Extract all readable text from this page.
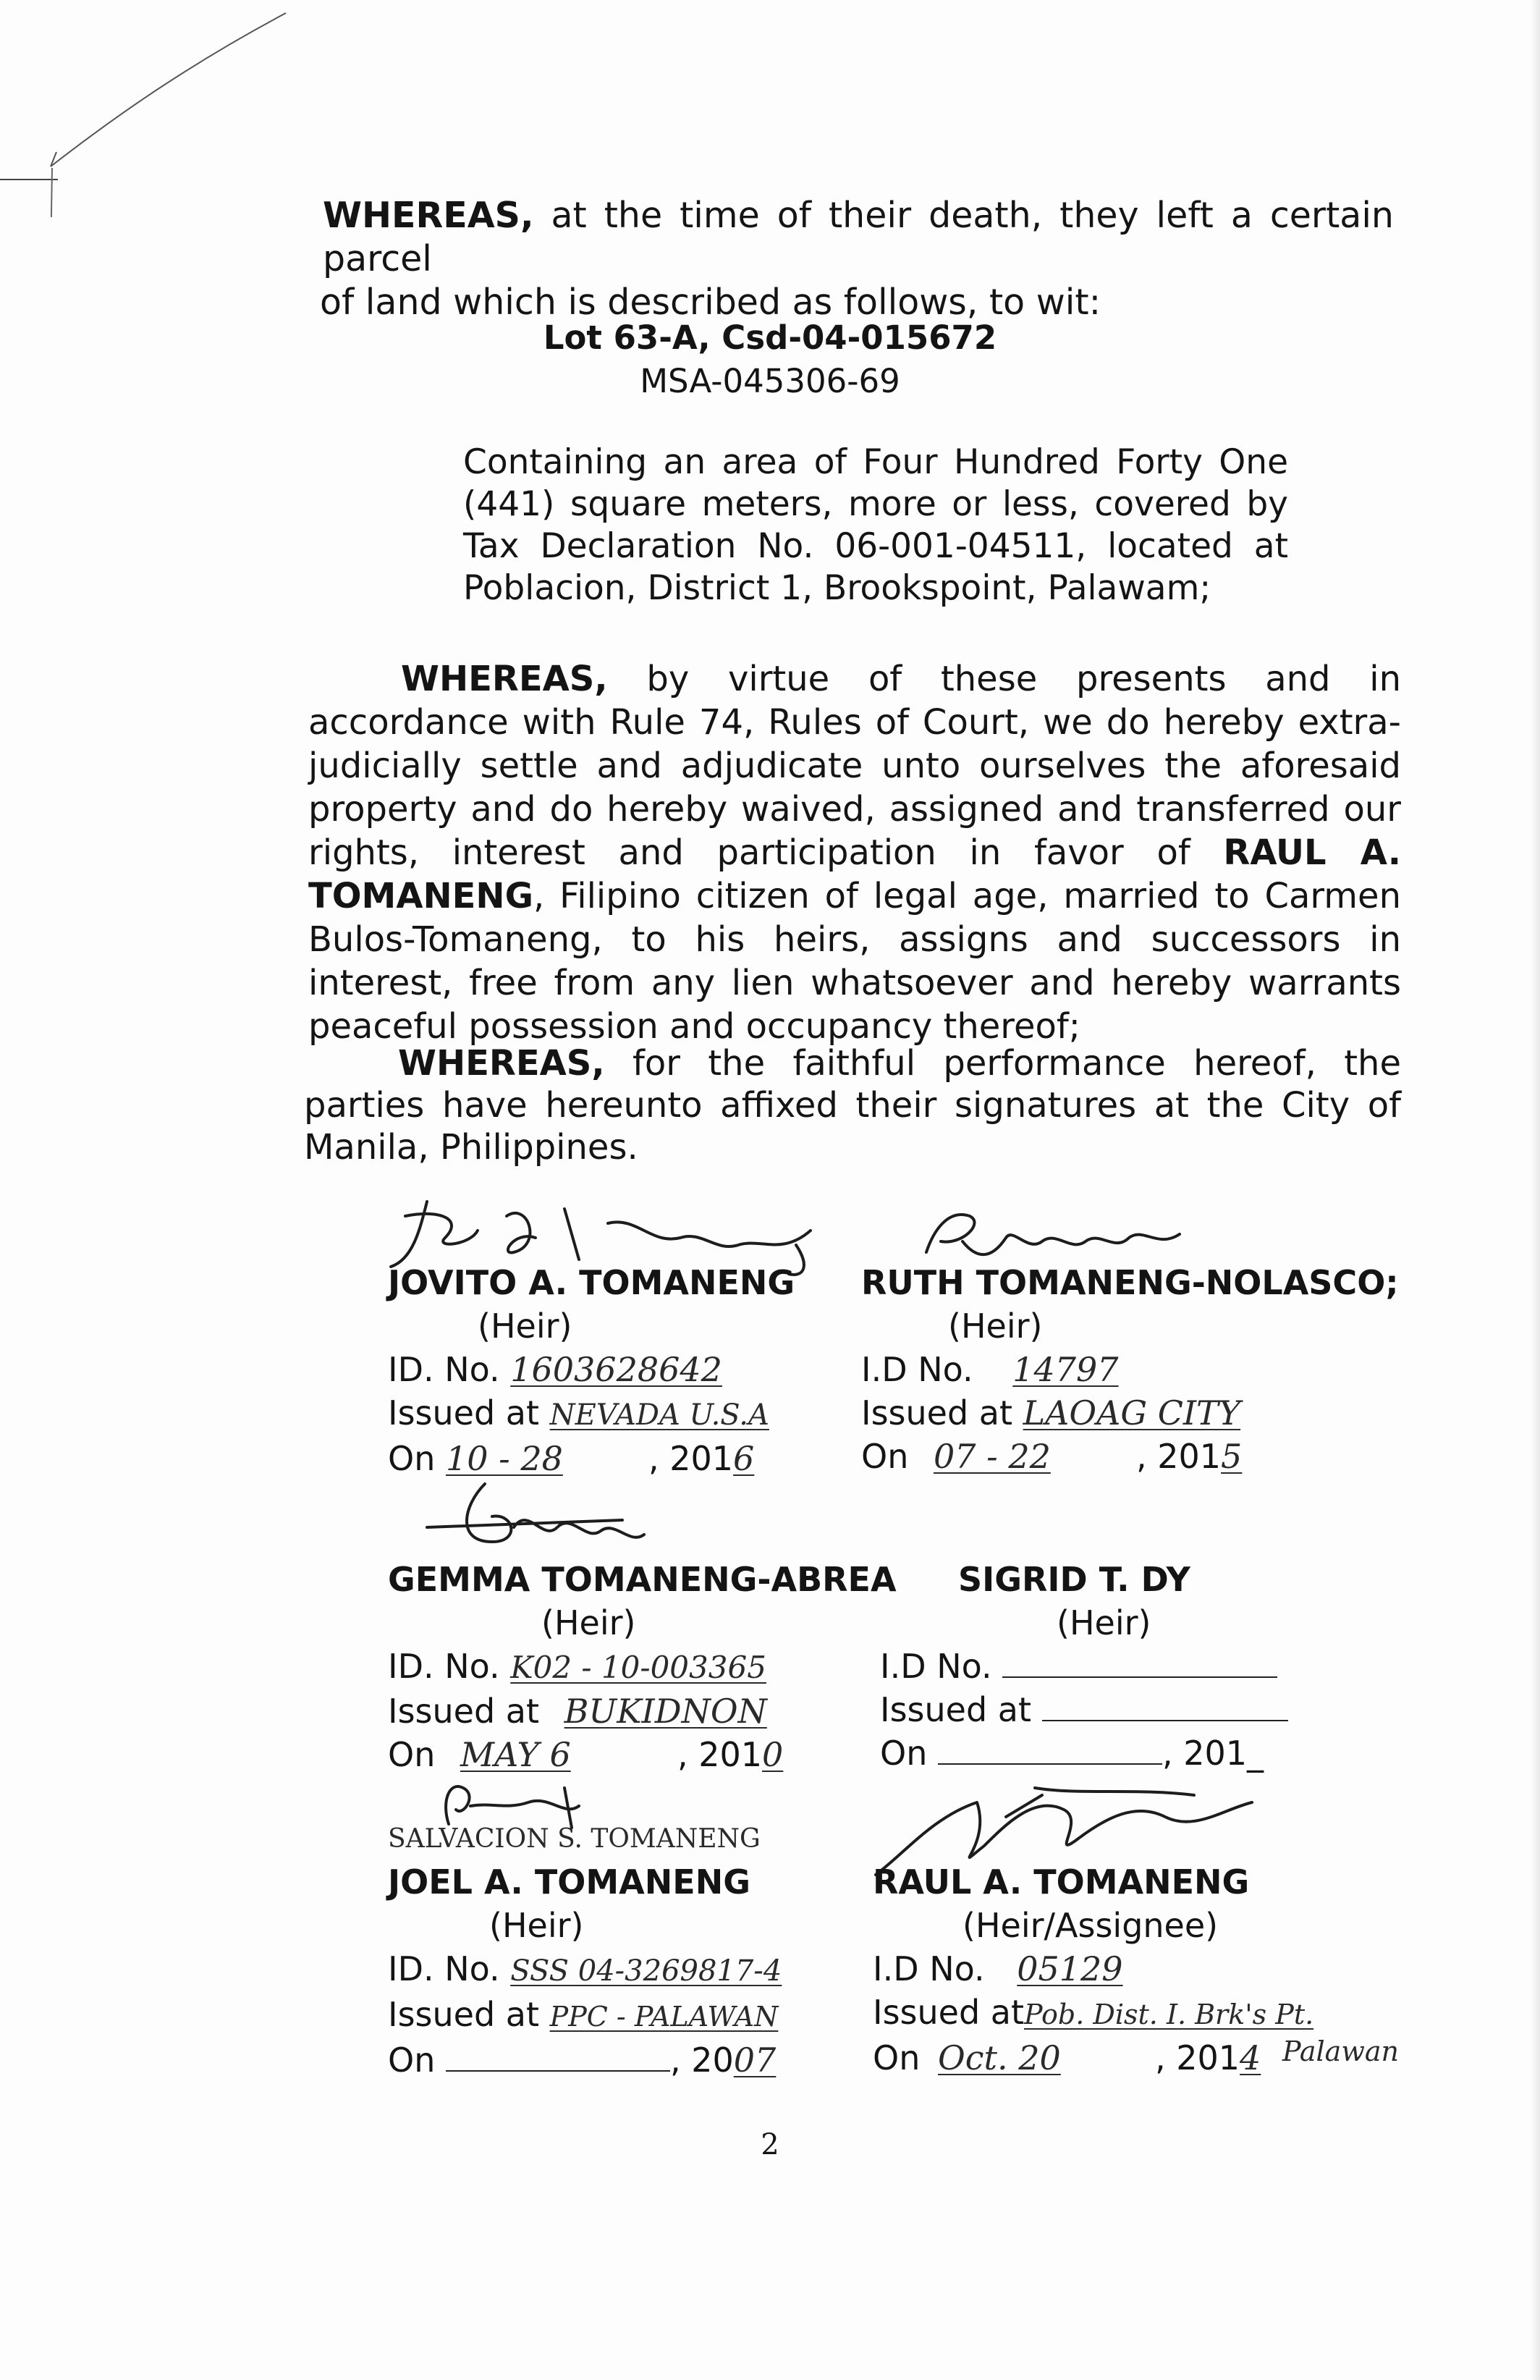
WHEREAS, at the time of their death, they left a certain parcel
of land which is described as follows, to wit:

Lot 63-A, Csd-04-015672

MSA-045306-69

Containing an area of Four Hundred Forty One (441) square meters, more or less, covered by Tax Declaration No. 06-001-04511, located at Poblacion, District 1, Brookspoint, Palawam;

WHEREAS, by virtue of these presents and in accordance with Rule 74, Rules of Court, we do hereby extra-judicially settle and adjudicate unto ourselves the aforesaid property and do hereby waived, assigned and transferred our rights, interest and participation in favor of RAUL A. TOMANENG, Filipino citizen of legal age, married to Carmen Bulos-Tomaneng, to his heirs, assigns and successors in interest, free from any lien whatsoever and hereby warrants peaceful possession and occupancy thereof;

WHEREAS, for the faithful performance hereof, the parties have hereunto affixed their signatures at the City of Manila, Philippines.

JOVITO A. TOMANENG
(Heir)
ID. No. 1603628642
Issued at NEVADA U.S.A
On 10 - 28	, 2016
RUTH TOMANENG-NOLASCO;
(Heir)
I.D No. 14797
Issued at LAOAG CITY
On 07 - 22	, 2015
GEMMA TOMANENG-ABREA
(Heir)
ID. No. K02 - 10-003365
Issued at BUKIDNON
On MAY 6	, 2010
SIGRID T. DY
(Heir)
I.D No.
Issued at
On	, 201_
SALVACION S. TOMANENG
JOEL A. TOMANENG
(Heir)
ID. No. SSS 04-3269817-4
Issued at PPC - PALAWAN
On	, 2007
RAUL A. TOMANENG
(Heir/Assignee)
I.D No. 05129
Issued atPob. Dist. I. Brk's Pt.
On Oct. 20	, 2014 Palawan
2
